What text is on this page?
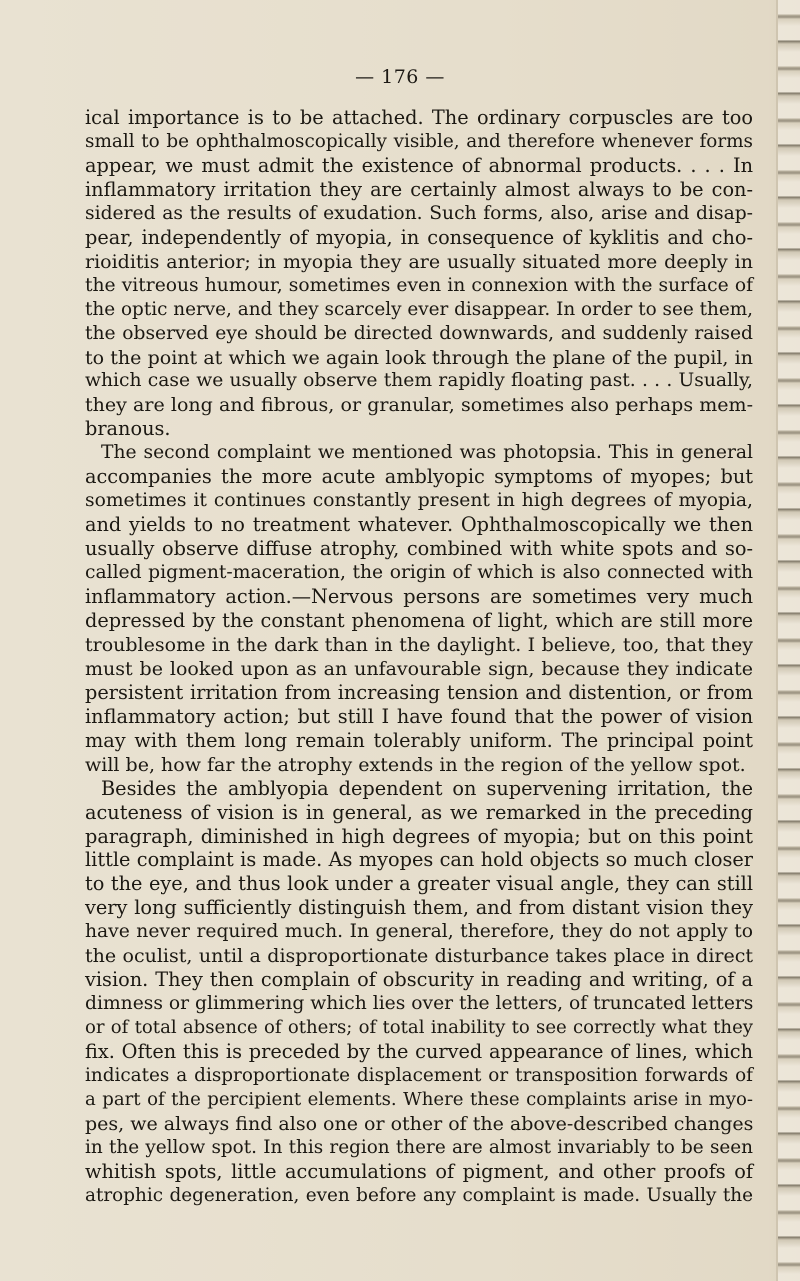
— 176 —
ical importance is to be attached. The ordinary corpuscles are too
small to be ophthalmoscopically visible, and therefore whenever forms
appear, we must admit the existence of abnormal products. . . . In
inflammatory irritation they are certainly almost always to be con-
sidered as the results of exudation. Such forms, also, arise and disap-
pear, independently of myopia, in consequence of kyklitis and cho-
rioiditis anterior; in myopia they are usually situated more deeply in
the vitreous humour, sometimes even in connexion with the surface of
the optic nerve, and they scarcely ever disappear. In order to see them,
the observed eye should be directed downwards, and suddenly raised
to the point at which we again look through the plane of the pupil, in
which case we usually observe them rapidly floating past. . . . Usually,
they are long and fibrous, or granular, sometimes also perhaps mem-
branous.
The second complaint we mentioned was photopsia. This in general
accompanies the more acute amblyopic symptoms of myopes; but
sometimes it continues constantly present in high degrees of myopia,
and yields to no treatment whatever. Ophthalmoscopically we then
usually observe diffuse atrophy, combined with white spots and so-
called pigment-maceration, the origin of which is also connected with
inflammatory action.—Nervous persons are sometimes very much
depressed by the constant phenomena of light, which are still more
troublesome in the dark than in the daylight. I believe, too, that they
must be looked upon as an unfavourable sign, because they indicate
persistent irritation from increasing tension and distention, or from
inflammatory action; but still I have found that the power of vision
may with them long remain tolerably uniform. The principal point
will be, how far the atrophy extends in the region of the yellow spot.
Besides the amblyopia dependent on supervening irritation, the
acuteness of vision is in general, as we remarked in the preceding
paragraph, diminished in high degrees of myopia; but on this point
little complaint is made. As myopes can hold objects so much closer
to the eye, and thus look under a greater visual angle, they can still
very long sufficiently distinguish them, and from distant vision they
have never required much. In general, therefore, they do not apply to
the oculist, until a disproportionate disturbance takes place in direct
vision. They then complain of obscurity in reading and writing, of a
dimness or glimmering which lies over the letters, of truncated letters
or of total absence of others; of total inability to see correctly what they
fix. Often this is preceded by the curved appearance of lines, which
indicates a disproportionate displacement or transposition forwards of
a part of the percipient elements. Where these complaints arise in myo-
pes, we always find also one or other of the above-described changes
in the yellow spot. In this region there are almost invariably to be seen
whitish spots, little accumulations of pigment, and other proofs of
atrophic degeneration, even before any complaint is made. Usually the
